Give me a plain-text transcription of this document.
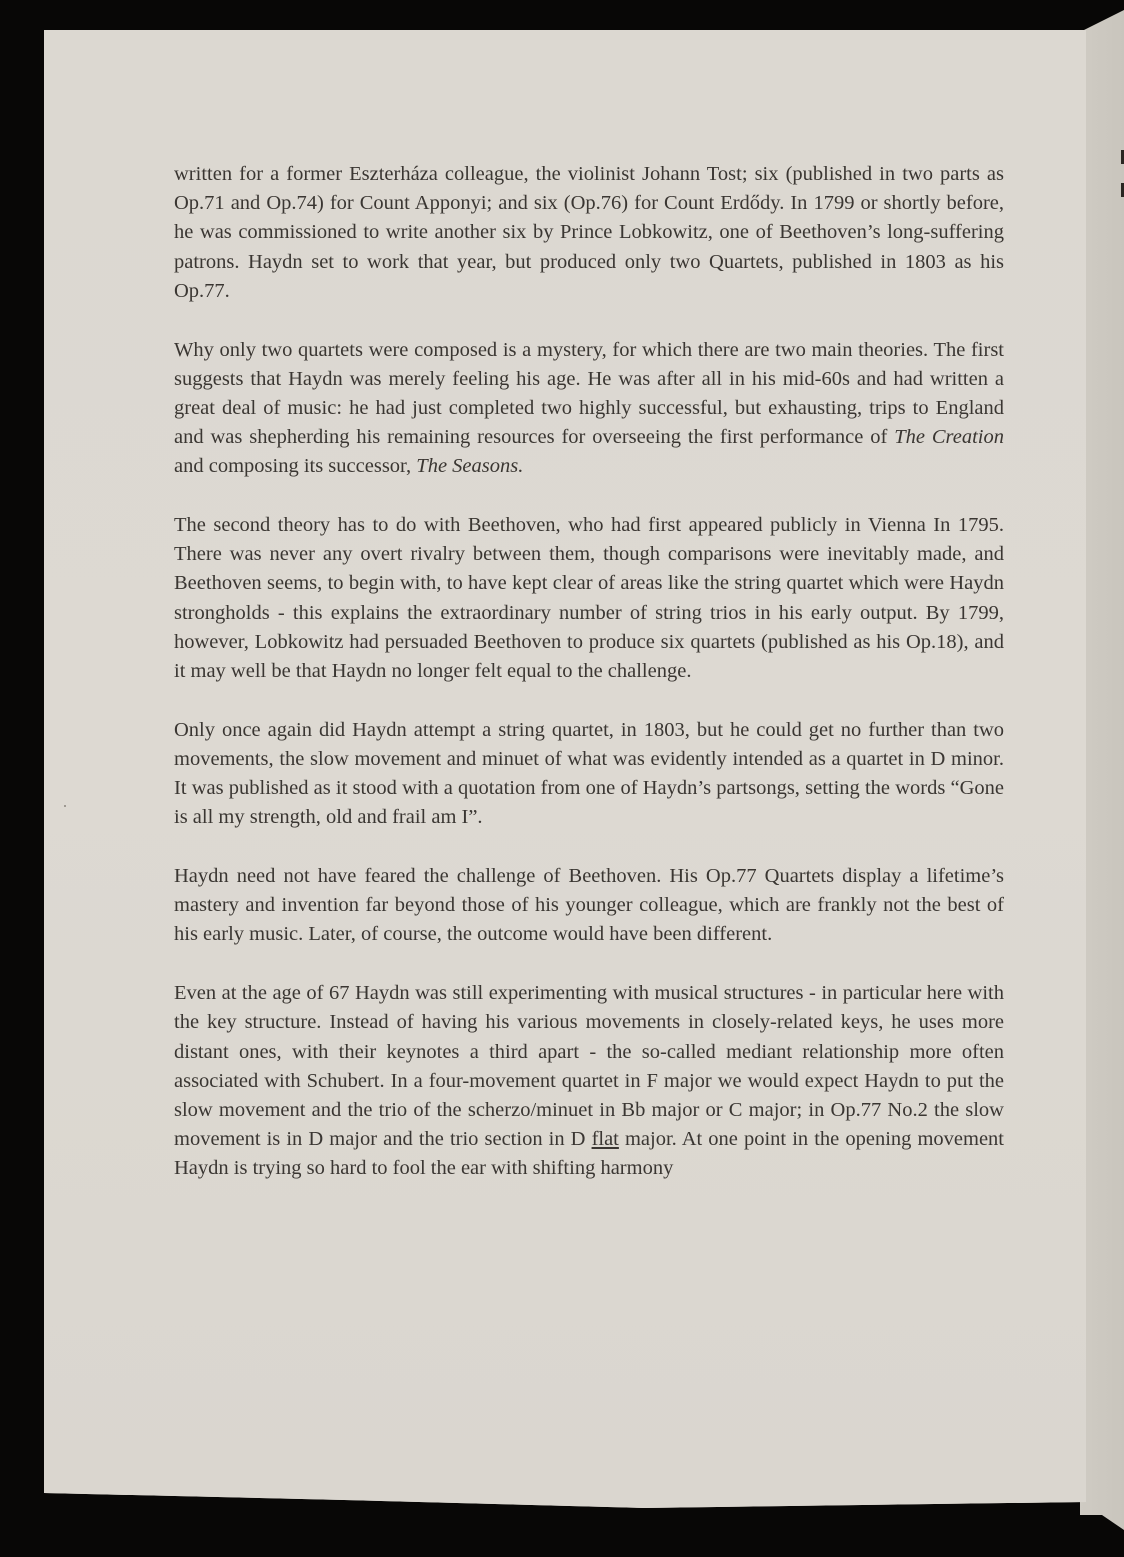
written for a former Eszterháza colleague, the violinist Johann Tost; six (published in two parts as Op.71 and Op.74) for Count Apponyi; and six (Op.76) for Count Erdődy. In 1799 or shortly before, he was commissioned to write another six by Prince Lobkowitz, one of Beethoven’s long-suffering patrons. Haydn set to work that year, but produced only two Quartets, published in 1803 as his Op.77.

Why only two quartets were composed is a mystery, for which there are two main theories. The first suggests that Haydn was merely feeling his age. He was after all in his mid-60s and had written a great deal of music: he had just completed two highly successful, but exhausting, trips to England and was shepherding his remaining resources for overseeing the first performance of The Creation and composing its successor, The Seasons.

The second theory has to do with Beethoven, who had first appeared publicly in Vienna In 1795. There was never any overt rivalry between them, though comparisons were inevitably made, and Beethoven seems, to begin with, to have kept clear of areas like the string quartet which were Haydn strongholds - this explains the extraordinary number of string trios in his early output. By 1799, however, Lobkowitz had persuaded Beethoven to produce six quartets (published as his Op.18), and it may well be that Haydn no longer felt equal to the challenge.

Only once again did Haydn attempt a string quartet, in 1803, but he could get no further than two movements, the slow movement and minuet of what was evidently intended as a quartet in D minor. It was published as it stood with a quotation from one of Haydn’s partsongs, setting the words “Gone is all my strength, old and frail am I”.

Haydn need not have feared the challenge of Beethoven. His Op.77 Quartets display a lifetime’s mastery and invention far beyond those of his younger colleague, which are frankly not the best of his early music. Later, of course, the outcome would have been different.

Even at the age of 67 Haydn was still experimenting with musical structures - in particular here with the key structure. Instead of having his various movements in closely-related keys, he uses more distant ones, with their keynotes a third apart - the so-called mediant relationship more often associated with Schubert. In a four-movement quartet in F major we would expect Haydn to put the slow movement and the trio of the scherzo/minuet in Bb major or C major; in Op.77 No.2 the slow movement is in D major and the trio section in D flat major. At one point in the opening movement Haydn is trying so hard to fool the ear with shifting harmony
